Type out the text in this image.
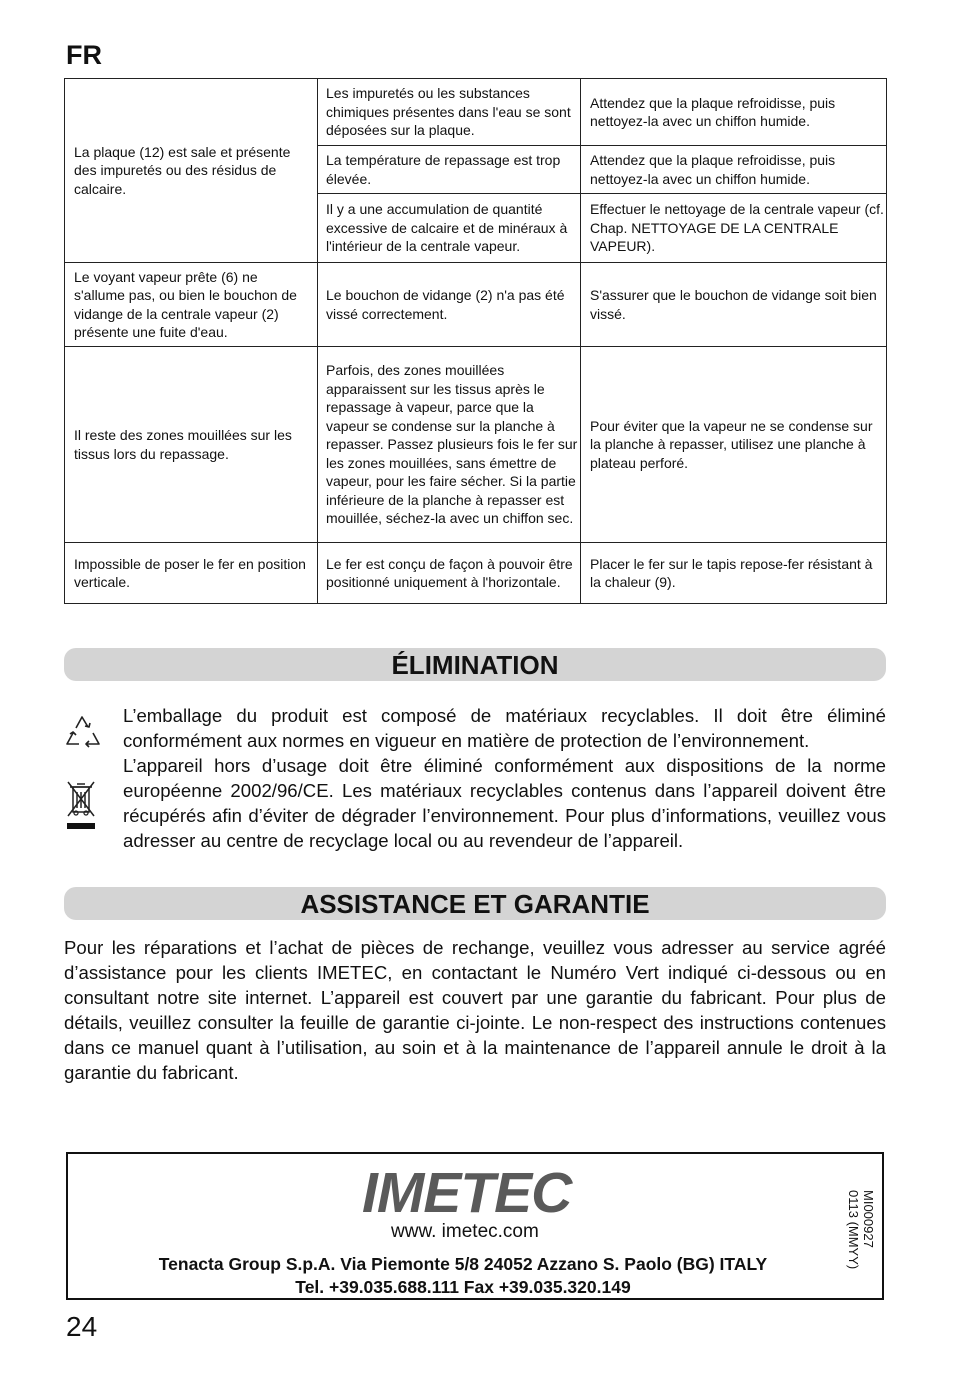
FR
La plaque (12) est sale et présente des impuretés ou des résidus de calcaire.	Les impuretés ou les substances chimiques présentes dans l'eau se sont déposées sur la plaque.	Attendez que la plaque refroidisse, puis nettoyez-la avec un chiffon humide.
	La température de repassage est trop élevée.	Attendez que la plaque refroidisse, puis nettoyez-la avec un chiffon humide.
	Il y a une accumulation de quantité excessive de calcaire et de minéraux à l'intérieur de la centrale vapeur.	Effectuer le nettoyage de la centrale vapeur (cf. Chap. NETTOYAGE DE LA CENTRALE VAPEUR).
Le voyant vapeur prête (6) ne s'allume pas, ou bien le bouchon de vidange de la centrale vapeur (2) présente une fuite d'eau.	Le bouchon de vidange (2) n'a pas été vissé correctement.	S'assurer que le bouchon de vidange soit bien vissé.
Il reste des zones mouillées sur les tissus lors du repassage.	Parfois, des zones mouillées apparaissent sur les tissus après le repassage à vapeur, parce que la vapeur se condense sur la planche à repasser. Passez plusieurs fois le fer sur les zones mouillées, sans émettre de vapeur, pour les faire sécher. Si la partie inférieure de la planche à repasser est mouillée, séchez-la avec un chiffon sec.	Pour éviter que la vapeur ne se condense sur la planche à repasser, utilisez une planche à plateau perforé.
Impossible de poser le fer en position verticale.	Le fer est conçu de façon à pouvoir être positionné uniquement à l'horizontale.	Placer le fer sur le tapis repose-fer résistant à la chaleur (9).
ÉLIMINATION

L’emballage du produit est composé de matériaux recyclables. Il doit être éliminé conformément aux normes en vigueur en matière de protection de l’environnement.

L’appareil hors d’usage doit être éliminé conformément aux dispositions de la norme européenne 2002/96/CE. Les matériaux recyclables contenus dans l’appareil doivent être récupérés afin d’éviter de dégrader l’environnement. Pour plus d’informations, veuillez vous adresser au centre de recyclage local ou au revendeur de l’appareil.

ASSISTANCE ET GARANTIE

Pour les réparations et l’achat de pièces de rechange, veuillez vous adresser au service agréé d’assistance pour les clients IMETEC, en contactant le Numéro Vert indiqué ci-dessous ou en consultant notre site internet. L’appareil est couvert par une garantie du fabricant. Pour plus de détails, veuillez consulter la feuille de garantie ci-jointe. Le non-respect des instructions contenues dans ce manuel quant à l’utilisation, au soin et à la maintenance de l’appareil annule le droit à la garantie du fabricant.

IMETEC
www. imetec.com
Tenacta Group S.p.A. Via Piemonte 5/8 24052 Azzano S. Paolo (BG) ITALY
Tel. +39.035.688.111 Fax +39.035.320.149
MI000927
0113 (MMYY)
24
